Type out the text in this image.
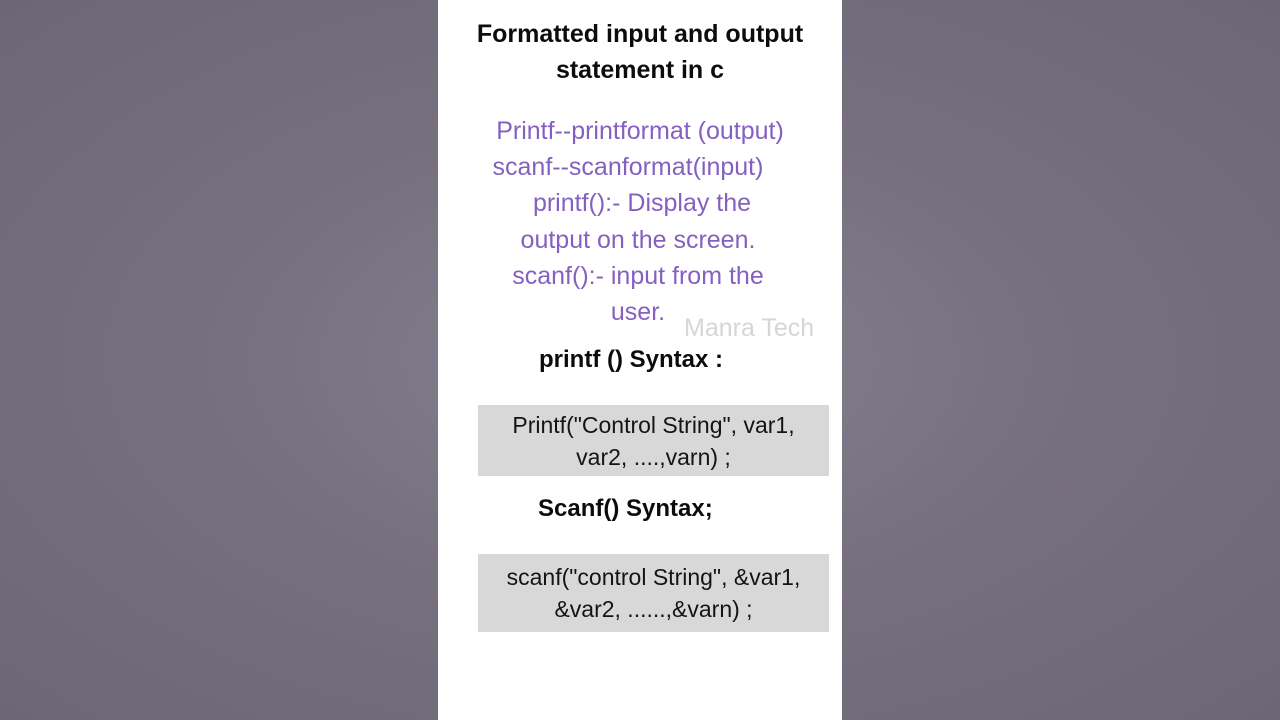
Formatted input and output
statement in c
Printf--printformat (output)
scanf--scanformat(input)
printf():- Display the
output on the screen.
scanf():- input from the
user.
Manra Tech
printf () Syntax :
Printf("Control String", var1,
var2, ....,varn) ;
Scanf() Syntax;
scanf("control String", &var1,
&var2, ......,&varn) ;
